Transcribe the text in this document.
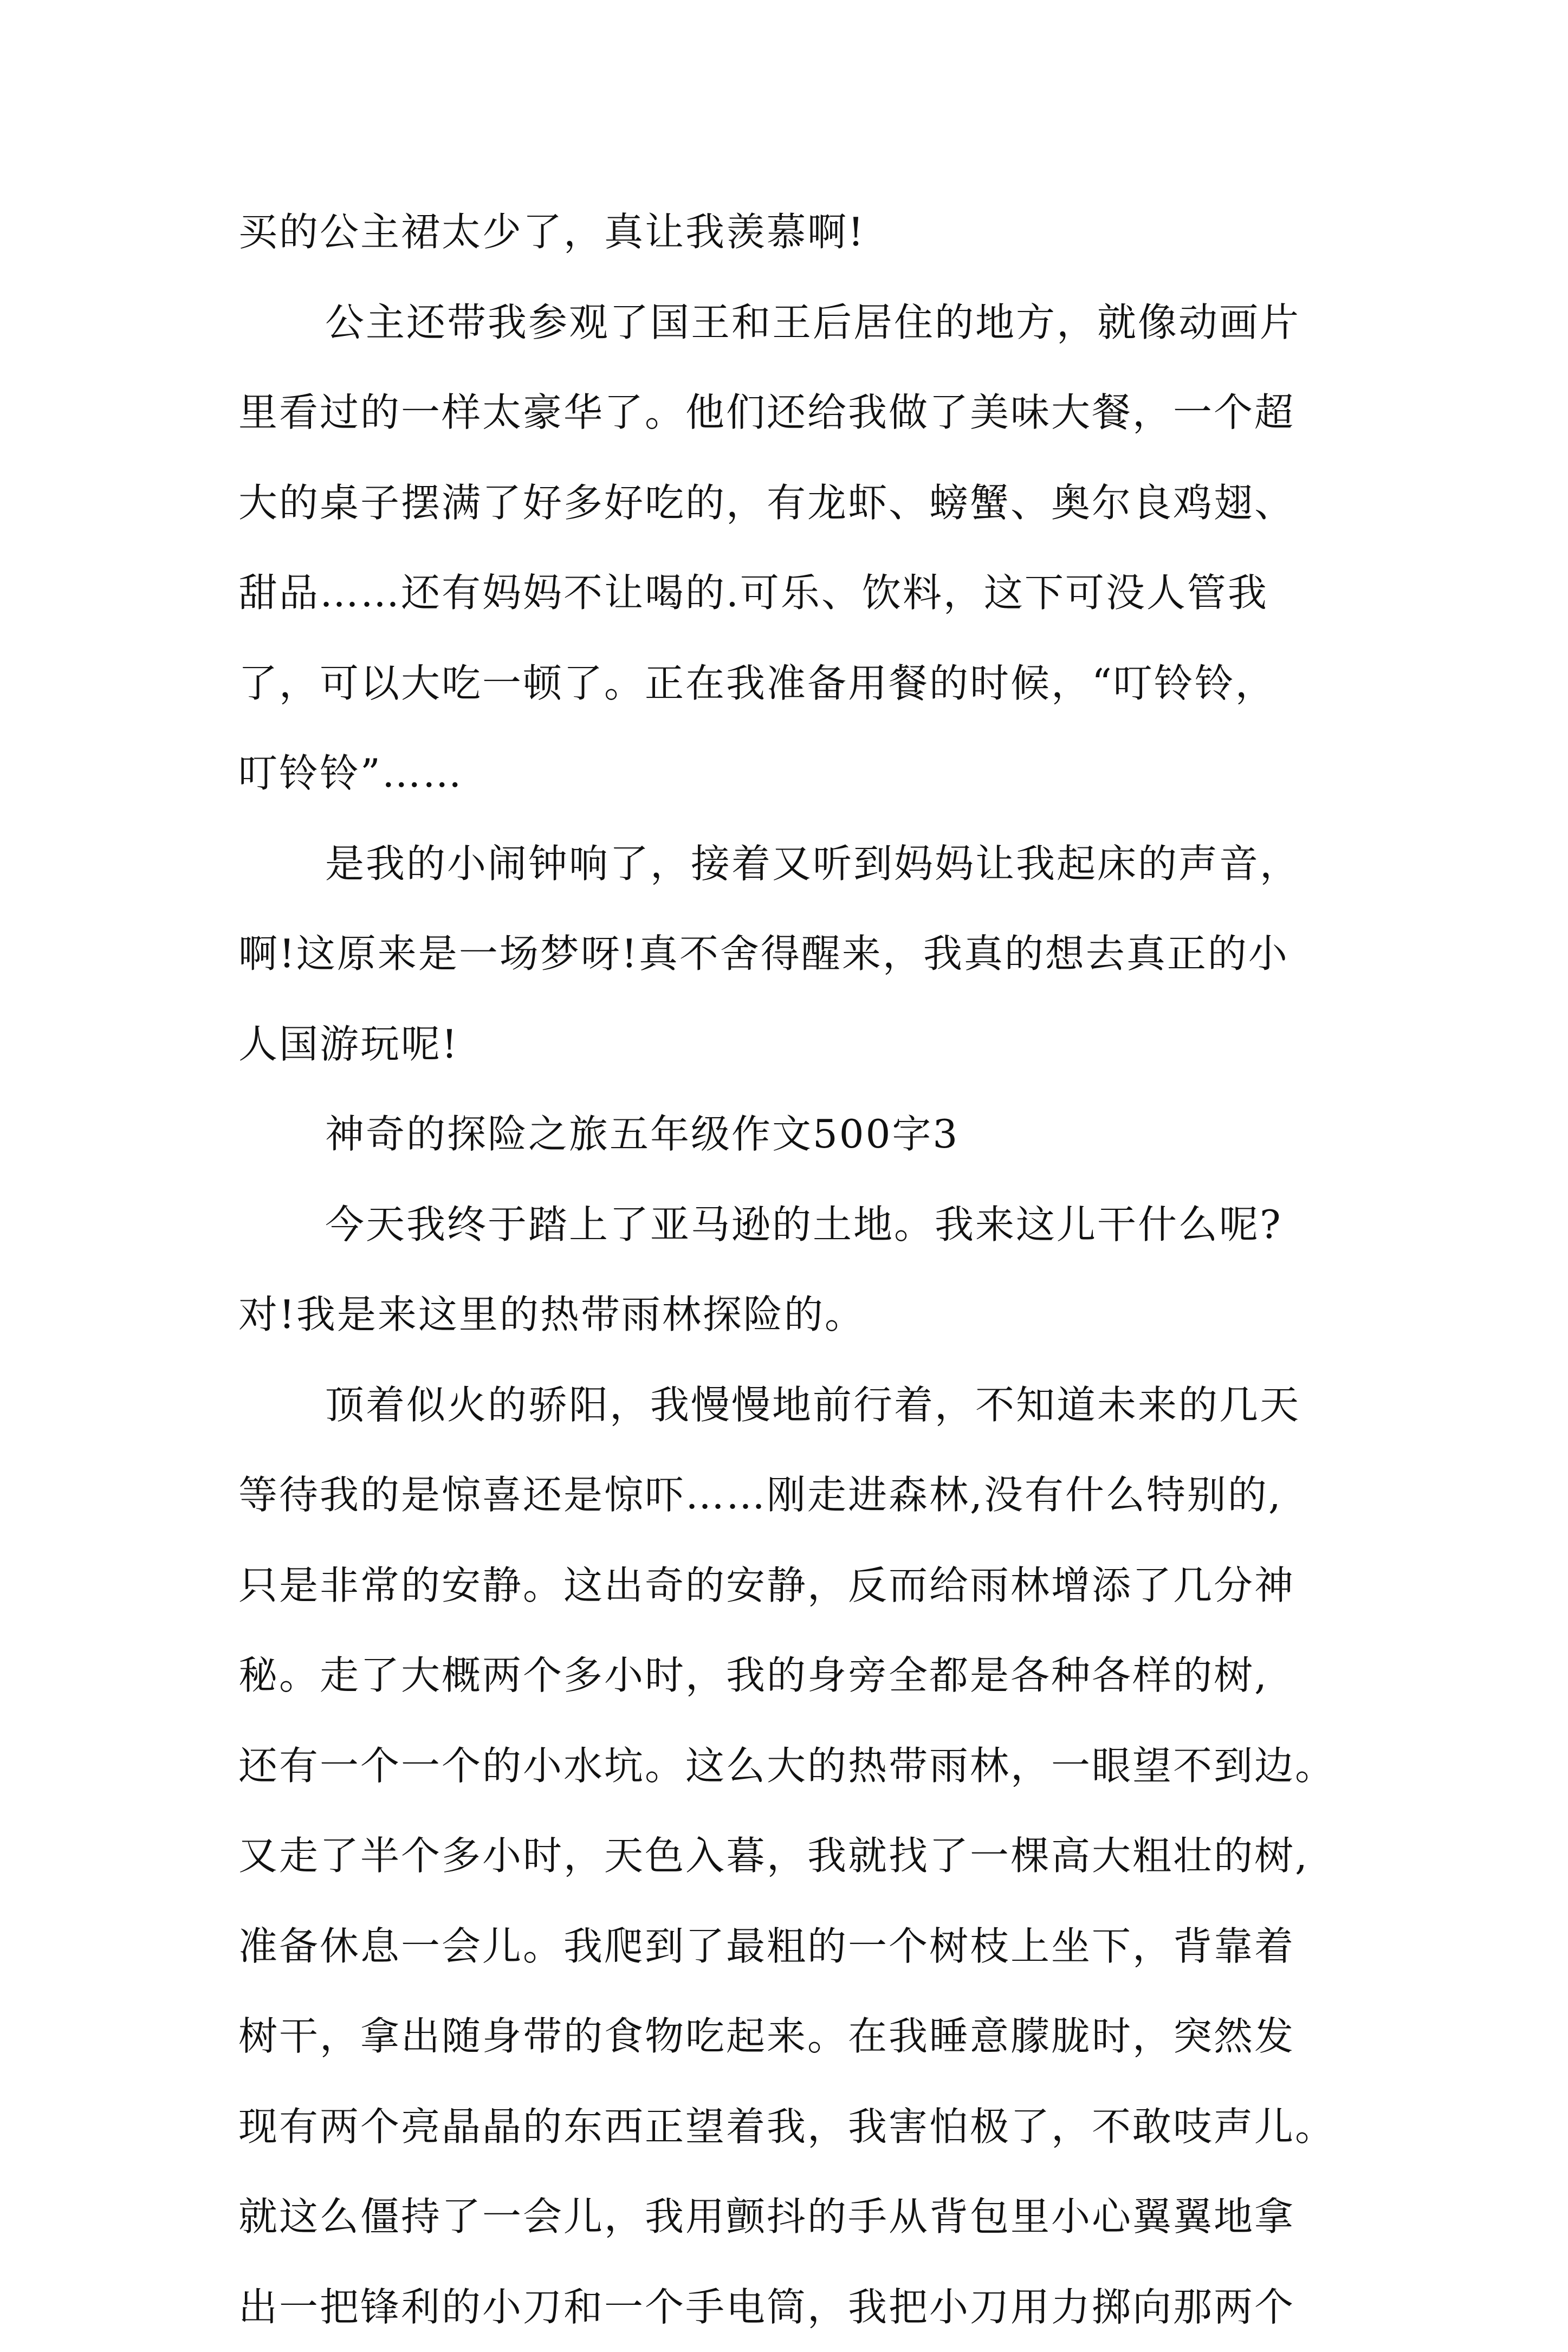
买的公主裙太少了，真让我羡慕啊!

公主还带我参观了国王和王后居住的地方，就像动画片
里看过的一样太豪华了。他们还给我做了美味大餐，一个超
大的桌子摆满了好多好吃的，有龙虾、螃蟹、奥尔良鸡翅、
甜品……还有妈妈不让喝的.可乐、饮料，这下可没人管我
了，可以大吃一顿了。正在我准备用餐的时候，“叮铃铃，
叮铃铃”……

是我的小闹钟响了，接着又听到妈妈让我起床的声音，
啊!这原来是一场梦呀!真不舍得醒来，我真的想去真正的小
人国游玩呢!

神奇的探险之旅五年级作文500字3

今天我终于踏上了亚马逊的土地。我来这儿干什么呢?
对!我是来这里的热带雨林探险的。

顶着似火的骄阳，我慢慢地前行着，不知道未来的几天
等待我的是惊喜还是惊吓……刚走进森林,没有什么特别的,
只是非常的安静。这出奇的安静，反而给雨林增添了几分神
秘。走了大概两个多小时，我的身旁全都是各种各样的树,
还有一个一个的小水坑。这么大的热带雨林，一眼望不到边。
又走了半个多小时，天色入暮，我就找了一棵高大粗壮的树,
准备休息一会儿。我爬到了最粗的一个树枝上坐下，背靠着
树干，拿出随身带的食物吃起来。在我睡意朦胧时，突然发
现有两个亮晶晶的东西正望着我，我害怕极了，不敢吱声儿。
就这么僵持了一会儿，我用颤抖的手从背包里小心翼翼地拿
出一把锋利的小刀和一个手电筒，我把小刀用力掷向那两个
